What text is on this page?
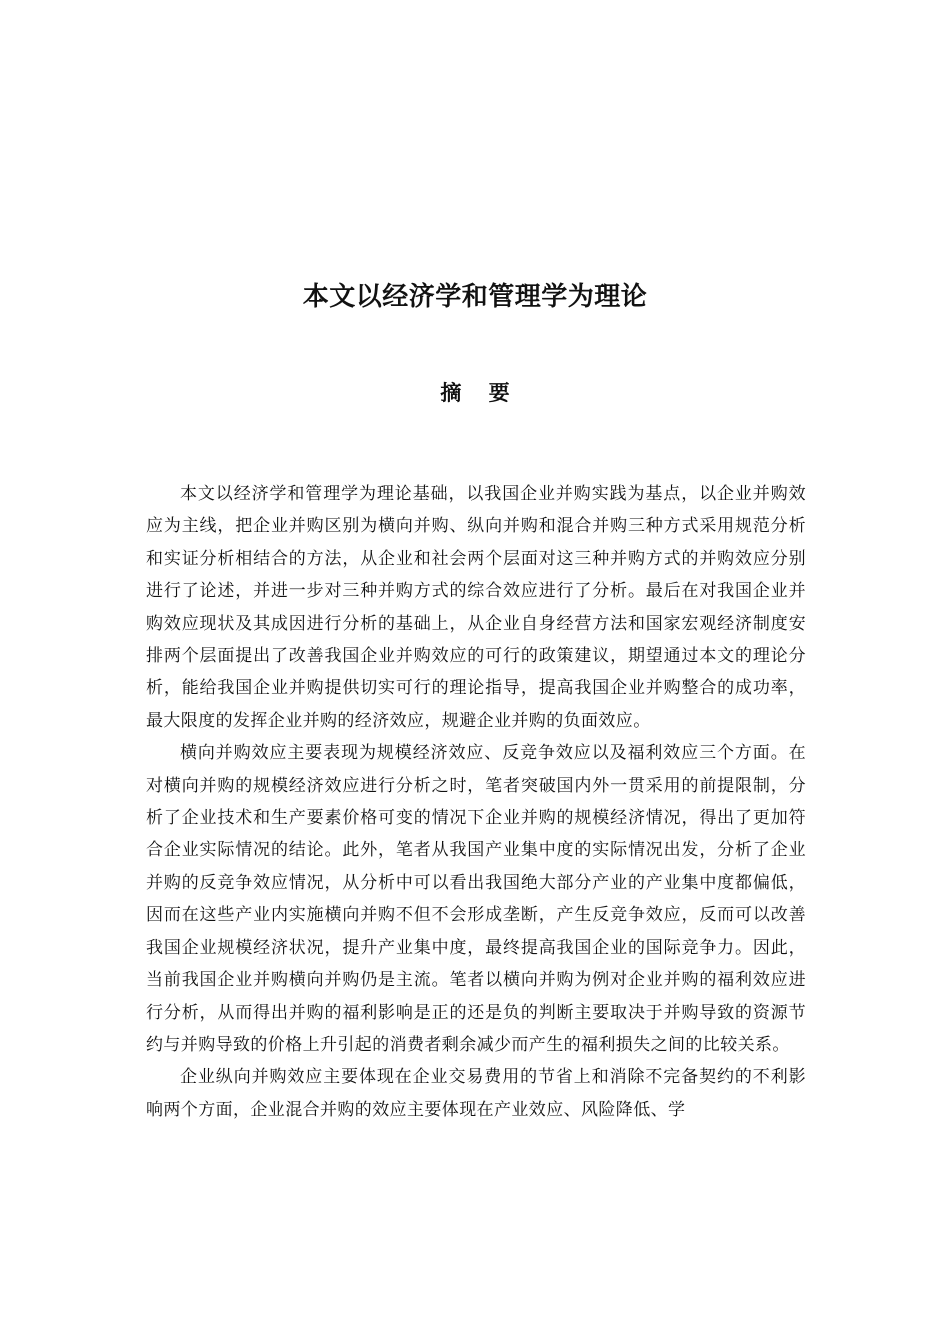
本文以经济学和管理学为理论
摘 要

本文以经济学和管理学为理论基础，以我国企业并购实践为基点，以企业并购效应为主线，把企业并购区别为横向并购、纵向并购和混合并购三种方式采用规范分析和实证分析相结合的方法，从企业和社会两个层面对这三种并购方式的并购效应分别进行了论述，并进一步对三种并购方式的综合效应进行了分析。最后在对我国企业并购效应现状及其成因进行分析的基础上，从企业自身经营方法和国家宏观经济制度安排两个层面提出了改善我国企业并购效应的可行的政策建议，期望通过本文的理论分析，能给我国企业并购提供切实可行的理论指导，提高我国企业并购整合的成功率，最大限度的发挥企业并购的经济效应，规避企业并购的负面效应。

横向并购效应主要表现为规模经济效应、反竞争效应以及福利效应三个方面。在对横向并购的规模经济效应进行分析之时，笔者突破国内外一贯采用的前提限制，分析了企业技术和生产要素价格可变的情况下企业并购的规模经济情况，得出了更加符合企业实际情况的结论。此外，笔者从我国产业集中度的实际情况出发，分析了企业并购的反竞争效应情况，从分析中可以看出我国绝大部分产业的产业集中度都偏低，因而在这些产业内实施横向并购不但不会形成垄断，产生反竞争效应，反而可以改善我国企业规模经济状况，提升产业集中度，最终提高我国企业的国际竞争力。因此，当前我国企业并购横向并购仍是主流。笔者以横向并购为例对企业并购的福利效应进行分析，从而得出并购的福利影响是正的还是负的判断主要取决于并购导致的资源节约与并购导致的价格上升引起的消费者剩余减少而产生的福利损失之间的比较关系。

企业纵向并购效应主要体现在企业交易费用的节省上和消除不完备契约的不利影响两个方面，企业混合并购的效应主要体现在产业效应、风险降低、学
